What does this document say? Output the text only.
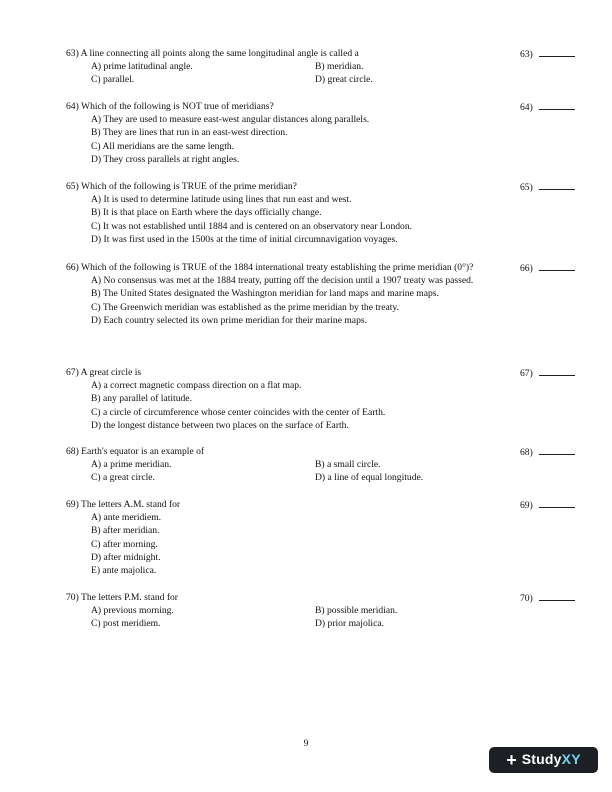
63) A line connecting all points along the same longitudinal angle is called a
A) prime latitudinal angle.	B) meridian.
C) parallel.	D) great circle.
63)
64) Which of the following is NOT true of meridians?
A) They are used to measure east-west angular distances along parallels.
B) They are lines that run in an east-west direction.
C) All meridians are the same length.
D) They cross parallels at right angles.
64)
65) Which of the following is TRUE of the prime meridian?
A) It is used to determine latitude using lines that run east and west.
B) It is that place on Earth where the days officially change.
C) It was not established until 1884 and is centered on an observatory near London.
D) It was first used in the 1500s at the time of initial circumnavigation voyages.
65)
66) Which of the following is TRUE of the 1884 international treaty establishing the prime meridian (0°)?
A) No consensus was met at the 1884 treaty, putting off the decision until a 1907 treaty was passed.
B) The United States designated the Washington meridian for land maps and marine maps.
C) The Greenwich meridian was established as the prime meridian by the treaty.
D) Each country selected its own prime meridian for their marine maps.
66)
67) A great circle is
A) a correct magnetic compass direction on a flat map.
B) any parallel of latitude.
C) a circle of circumference whose center coincides with the center of Earth.
D) the longest distance between two places on the surface of Earth.
67)
68) Earth's equator is an example of
A) a prime meridian.	B) a small circle.
C) a great circle.	D) a line of equal longitude.
68)
69) The letters A.M. stand for
A) ante meridiem.
B) after meridian.
C) after morning.
D) after midnight.
E) ante majolica.
69)
70) The letters P.M. stand for
A) previous morning.	B) possible meridian.
C) post meridiem.	D) prior majolica.
70)
9
+ StudyXY
